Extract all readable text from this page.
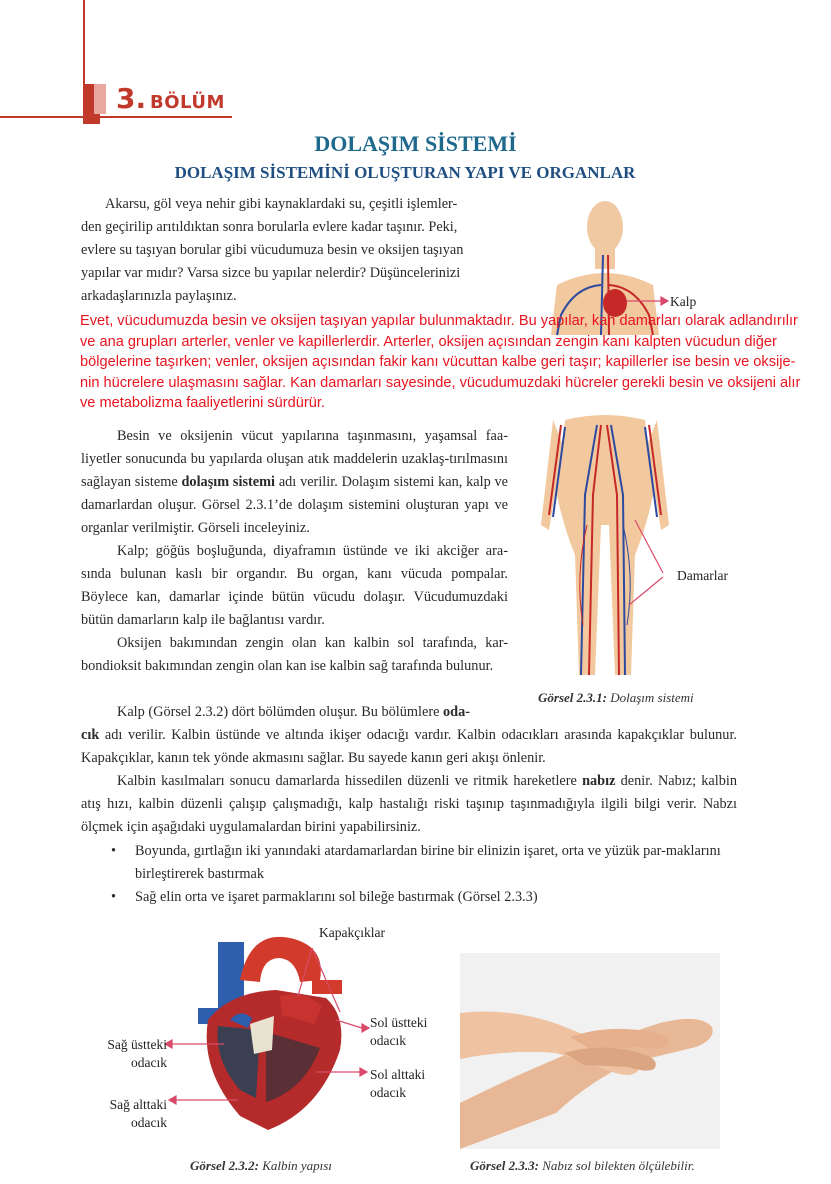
3. BÖLÜM
DOLAŞIM SİSTEMİ
DOLAŞIM SİSTEMİNİ OLUŞTURAN YAPI VE ORGANLAR
Akarsu, göl veya nehir gibi kaynaklardaki su, çeşitli işlemler-
den geçirilip arıtıldıktan sonra borularla evlere kadar taşınır. Peki,
evlere su taşıyan borular gibi vücudumuza besin ve oksijen taşıyan
yapılar var mıdır? Varsa sizce bu yapılar nelerdir? Düşüncelerinizi
arkadaşlarınızla paylaşınız.	Kalp
Damarlar
Görsel 2.3.1: Dolaşım sistemi
Evet, vücudumuzda besin ve oksijen taşıyan yapılar bulunmaktadır. Bu yapılar, kan damarları olarak adlandırılır
ve ana grupları arterler, venler ve kapillerlerdir. Arterler, oksijen açısından zengin kanı kalpten vücudun diğer
bölgelerine taşırken; venler, oksijen açısından fakir kanı vücuttan kalbe geri taşır; kapillerler ise besin ve oksije-
nin hücrelere ulaşmasını sağlar. Kan damarları sayesinde, vücudumuzdaki hücreler gerekli besin ve oksijeni alır
ve metabolizma faaliyetlerini sürdürür.

Besin ve oksijenin vücut yapılarına taşınmasını, yaşamsal faa-liyetler sonucunda bu yapılarda oluşan atık maddelerin uzaklaş-tırılmasını sağlayan sisteme dolaşım sistemi adı verilir. Dolaşım sistemi kan, kalp ve damarlardan oluşur. Görsel 2.3.1’de dolaşım sistemini oluşturan yapı ve organlar verilmiştir. Görseli inceleyiniz.

Kalp; göğüs boşluğunda, diyaframın üstünde ve iki akciğer ara-sında bulunan kaslı bir organdır. Bu organ, kanı vücuda pompalar. Böylece kan, damarlar içinde bütün vücudu dolaşır. Vücudumuzdaki bütün damarların kalp ile bağlantısı vardır.

Oksijen bakımından zengin olan kan kalbin sol tarafında, kar-bondioksit bakımından zengin olan kan ise kalbin sağ tarafında bulunur.

Kalp (Görsel 2.3.2) dört bölümden oluşur. Bu bölümlere oda-

cık adı verilir. Kalbin üstünde ve altında ikişer odacığı vardır. Kalbin odacıkları arasında kapakçıklar bulunur. Kapakçıklar, kanın tek yönde akmasını sağlar. Bu sayede kanın geri akışı önlenir.

Kalbin kasılmaları sonucu damarlarda hissedilen düzenli ve ritmik hareketlere nabız denir. Nabız; kalbin atış hızı, kalbin düzenli çalışıp çalışmadığı, kalp hastalığı riski taşınıp taşınmadığıyla ilgili bilgi verir. Nabzı ölçmek için aşağıdaki uygulamalardan birini yapabilirsiniz.

• Boyunda, gırtlağın iki yanındaki atardamarlardan birine bir elinizin işaret, orta ve yüzük par-maklarını birleştirerek bastırmak
• Sağ elin orta ve işaret parmaklarını sol bileğe bastırmak (Görsel 2.3.3)
Kapakçıklar
Sağ üstteki
odacık
Sağ alttaki
odacık
Sol üstteki
odacık
Sol alttaki
odacık
Görsel 2.3.2: Kalbin yapısı	Görsel 2.3.3: Nabız sol bilekten ölçülebilir.
